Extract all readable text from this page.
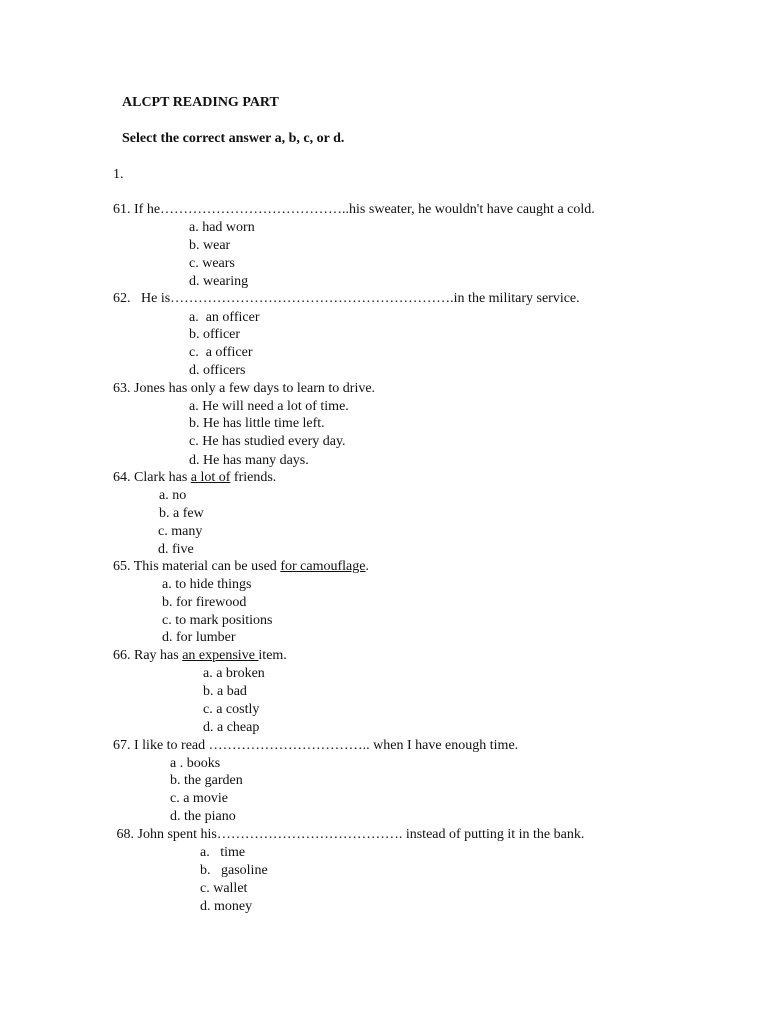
ALCPT READING PART
Select the correct answer a, b, c, or d.
1.
61. If he…………………………………..his sweater, he wouldn't have caught a cold.
a. had worn
b. wear
c. wears
d. wearing
62.   He is…………………………………………………….in the military service.
a.  an officer
b. officer
c.  a officer
d. officers
63. Jones has only a few days to learn to drive.
a. He will need a lot of time.
b. He has little time left.
c. He has studied every day.
d. He has many days.
64. Clark has a lot of friends.
a. no
b. a few
c. many
d. five
65. This material can be used for camouflage.
a. to hide things
b. for firewood
c. to mark positions
d. for lumber
66. Ray has an expensive item.
a. a broken
b. a bad
c. a costly
d. a cheap
67. I like to read …………………………….. when I have enough time.
a . books
b. the garden
c. a movie
d. the piano
68. John spent his…………………………………. instead of putting it in the bank.
a.   time
b.   gasoline
c. wallet
d. money
